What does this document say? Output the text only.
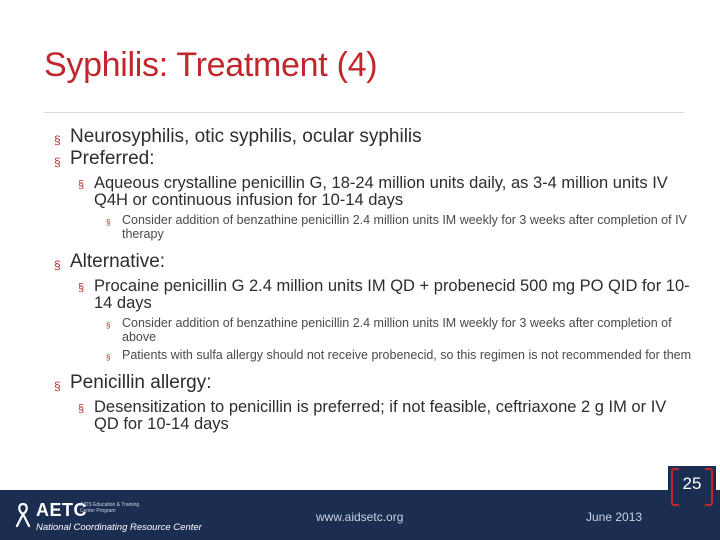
Syphilis: Treatment (4)
§ Neurosyphilis, otic syphilis, ocular syphilis
§ Preferred:
§ Aqueous crystalline penicillin G, 18-24 million units daily, as 3-4 million units IV Q4H or continuous infusion for 10-14 days
§ Consider addition of benzathine penicillin 2.4 million units IM weekly for 3 weeks after completion of IV therapy
§ Alternative:
§ Procaine penicillin G 2.4 million units IM QD + probenecid 500 mg PO QID for 10-14 days
§ Consider addition of benzathine penicillin 2.4 million units IM weekly for 3 weeks after completion of above
§ Patients with sulfa allergy should not receive probenecid, so this regimen is not recommended for them
§ Penicillin allergy:
§ Desensitization to penicillin is preferred; if not feasible, ceftriaxone 2 g IM or IV QD for 10-14 days
AETC
AIDS Education & Training Center Program
National Coordinating Resource Center
www.aidsetc.org	June 2013
25
